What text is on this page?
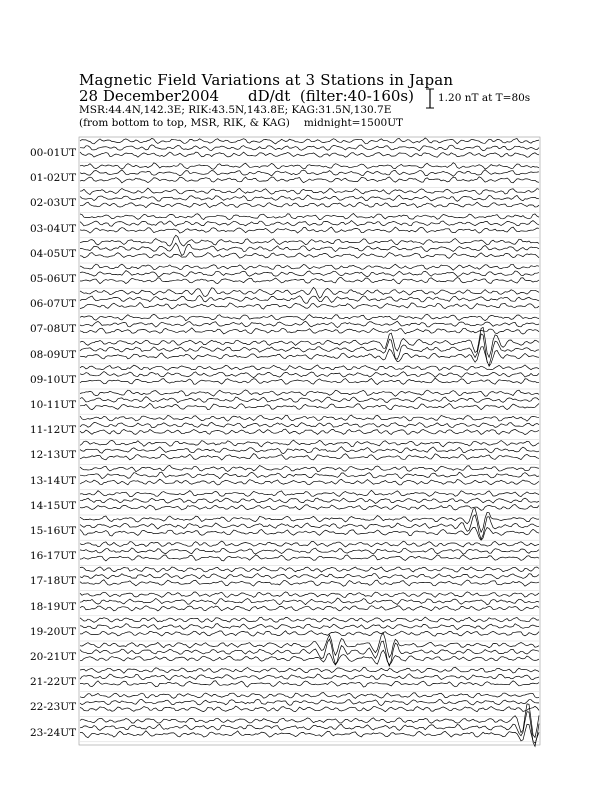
Magnetic Field Variations at 3 Stations in Japan
28 December2004 dD/dt (filter:40-160s)
MSR:44.4N,142.3E; RIK:43.5N,143.8E; KAG:31.5N,130.7E
(from bottom to top, MSR, RIK, & KAG) midnight=1500UT
1.20 nT at T=80s
00-01UT
01-02UT
02-03UT
03-04UT
04-05UT
05-06UT
06-07UT
07-08UT
08-09UT
09-10UT
10-11UT
11-12UT
12-13UT
13-14UT
14-15UT
15-16UT
16-17UT
17-18UT
18-19UT
19-20UT
20-21UT
21-22UT
22-23UT
23-24UT
